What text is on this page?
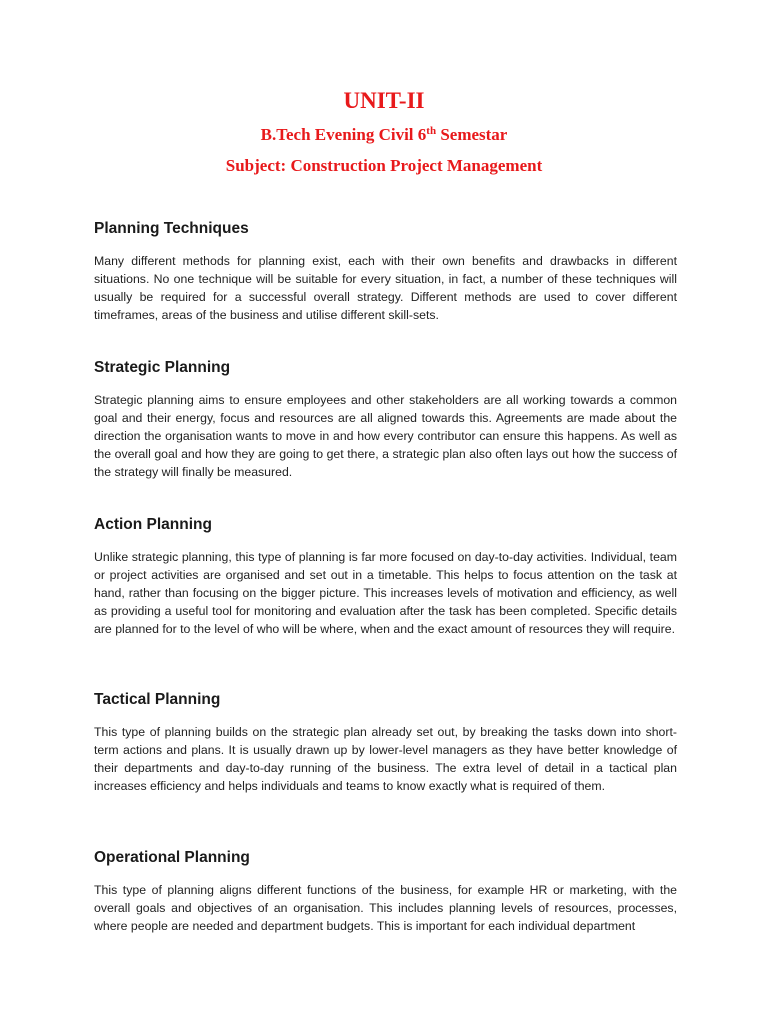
UNIT-II
B.Tech Evening Civil 6th Semestar
Subject: Construction Project Management
Planning Techniques

Many different methods for planning exist, each with their own benefits and drawbacks in different situations. No one technique will be suitable for every situation, in fact, a number of these techniques will usually be required for a successful overall strategy. Different methods are used to cover different timeframes, areas of the business and utilise different skill-sets.

Strategic Planning

Strategic planning aims to ensure employees and other stakeholders are all working towards a common goal and their energy, focus and resources are all aligned towards this. Agreements are made about the direction the organisation wants to move in and how every contributor can ensure this happens. As well as the overall goal and how they are going to get there, a strategic plan also often lays out how the success of the strategy will finally be measured.

Action Planning

Unlike strategic planning, this type of planning is far more focused on day-to-day activities. Individual, team or project activities are organised and set out in a timetable. This helps to focus attention on the task at hand, rather than focusing on the bigger picture. This increases levels of motivation and efficiency, as well as providing a useful tool for monitoring and evaluation after the task has been completed. Specific details are planned for to the level of who will be where, when and the exact amount of resources they will require.

Tactical Planning

This type of planning builds on the strategic plan already set out, by breaking the tasks down into short-term actions and plans. It is usually drawn up by lower-level managers as they have better knowledge of their departments and day-to-day running of the business. The extra level of detail in a tactical plan increases efficiency and helps individuals and teams to know exactly what is required of them.

Operational Planning

This type of planning aligns different functions of the business, for example HR or marketing, with the overall goals and objectives of an organisation. This includes planning levels of resources, processes, where people are needed and department budgets. This is important for each individual department
